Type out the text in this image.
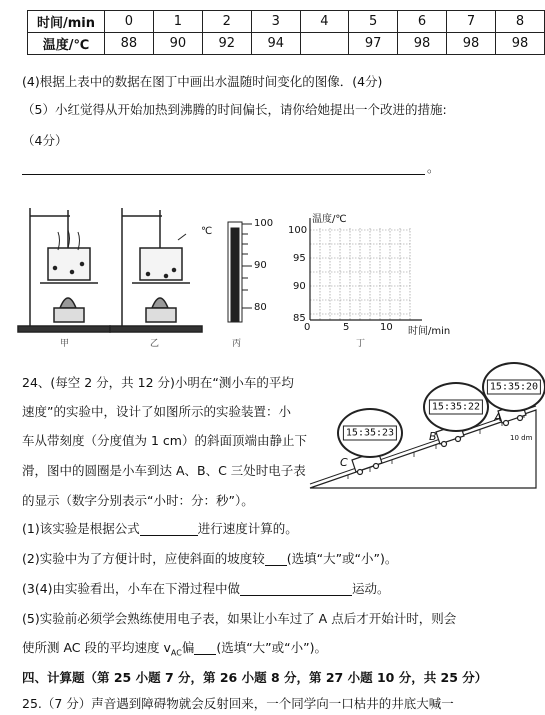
时间/min	0	1	2	3	4	5	6	7	8
温度/℃	88	90	92	94		97	98	98	98
(4)根据上表中的数据在图丁中画出水温随时间变化的图像．(4分)
（5）小红觉得从开始加热到沸腾的时间偏长，请你给她提出一个改进的措施:
（4分）
。
℃
100
90
80
温度/℃
100
95
90
85
0	5	10 时间/min
甲	乙	丙	丁
24、(每空 2 分，共 12 分)小明在“测小车的平均
速度”的实验中，设计了如图所示的实验装置：小
车从带刻度（分度值为 1 cm）的斜面顶端由静止下
滑，图中的圆圈是小车到达 A、B、C 三处时电子表
的显示（数字分别表示“小时：分：秒”）。
15:35:23
15:35:22
15:35:20
C
B
A
10 dm
(1)该实验是根据公式	进行速度计算的。
(2)实验中为了方便计时，应使斜面的坡度较 (选填“大”或“小”)。
(3(4)由实验看出，小车在下滑过程中做	运动。
(5)实验前必须学会熟练使用电子表，如果让小车过了 A 点后才开始计时，则会
使所测 AC 段的平均速度 $v_{AC}$偏 (选填“大”或“小”)。
四、计算题（第 25 小题 7 分，第 26 小题 8 分，第 27 小题 10 分，共 25 分）
25.（7 分）声音遇到障碍物就会反射回来，一个同学向一口枯井的井底大喊一
